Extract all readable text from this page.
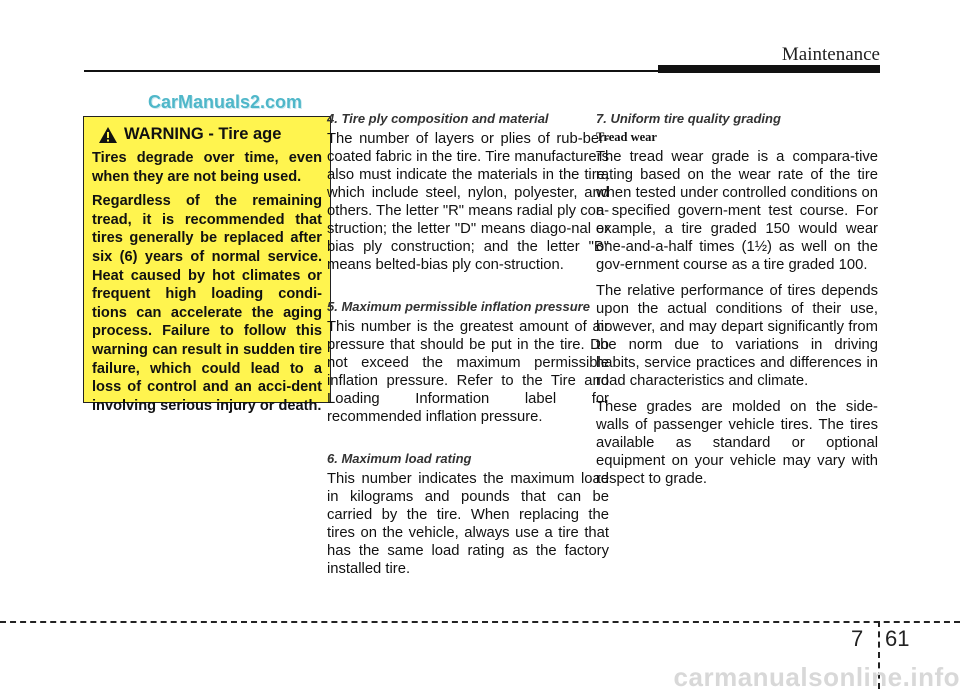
Maintenance
CarManuals2.com
WARNING - Tire age

Tires degrade over time, even when they are not being used.

Regardless of the remaining tread, it is recommended that tires generally be replaced after six (6) years of normal service. Heat caused by hot climates or frequent high loading condi-tions can accelerate the aging process. Failure to follow this warning can result in sudden tire failure, which could lead to a loss of control and an acci-dent involving serious injury or death.

4. Tire ply composition and material

The number of layers or plies of rub-ber-coated fabric in the tire. Tire manufacturers also must indicate the materials in the tire, which include steel, nylon, polyester, and others. The letter "R" means radial ply con-struction; the letter "D" means diago-nal or bias ply construction; and the letter "B" means belted-bias ply con-struction.

5. Maximum permissible inflation pressure

This number is the greatest amount of air pressure that should be put in the tire. Do not exceed the maximum permissible inflation pressure. Refer to the Tire and Loading Information label for recommended inflation pressure.

6. Maximum load rating

This number indicates the maximum load in kilograms and pounds that can be carried by the tire. When replacing the tires on the vehicle, always use a tire that has the same load rating as the factory installed tire.

7. Uniform tire quality grading
Tread wear

The tread wear grade is a compara-tive rating based on the wear rate of the tire when tested under controlled conditions on a specified govern-ment test course. For example, a tire graded 150 would wear one-and-a-half times (1½) as well on the gov-ernment course as a tire graded 100.

The relative performance of tires depends upon the actual conditions of their use, however, and may depart significantly from the norm due to variations in driving habits, service practices and differences in road characteristics and climate.

These grades are molded on the side-walls of passenger vehicle tires. The tires available as standard or optional equipment on your vehicle may vary with respect to grade.

7 61
carmanualsonline.info
